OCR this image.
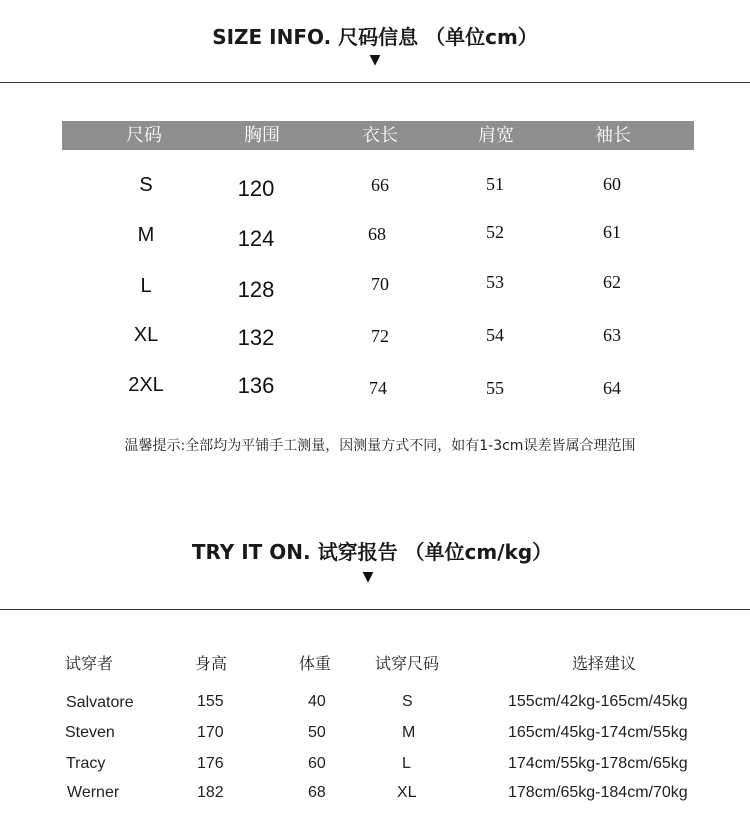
SIZE INFO. 尺码信息 （单位cm）
▼
尺码	胸围	衣长	肩宽	袖长
S	120	66	51	60
M	124	68	52	61
L	128	70	53	62
XL	132	72	54	63
2XL	136	74	55	64
温馨提示:全部均为平铺手工测量，因测量方式不同，如有1-3cm误差皆属合理范围
TRY IT ON. 试穿报告 （单位cm/kg）
▼
试穿者	身高	体重	试穿尺码	选择建议
Salvatore	155	40	S	155cm/42kg-165cm/45kg
Steven	170	50	M	165cm/45kg-174cm/55kg
Tracy	176	60	L	174cm/55kg-178cm/65kg
Werner	182	68	XL	178cm/65kg-184cm/70kg
